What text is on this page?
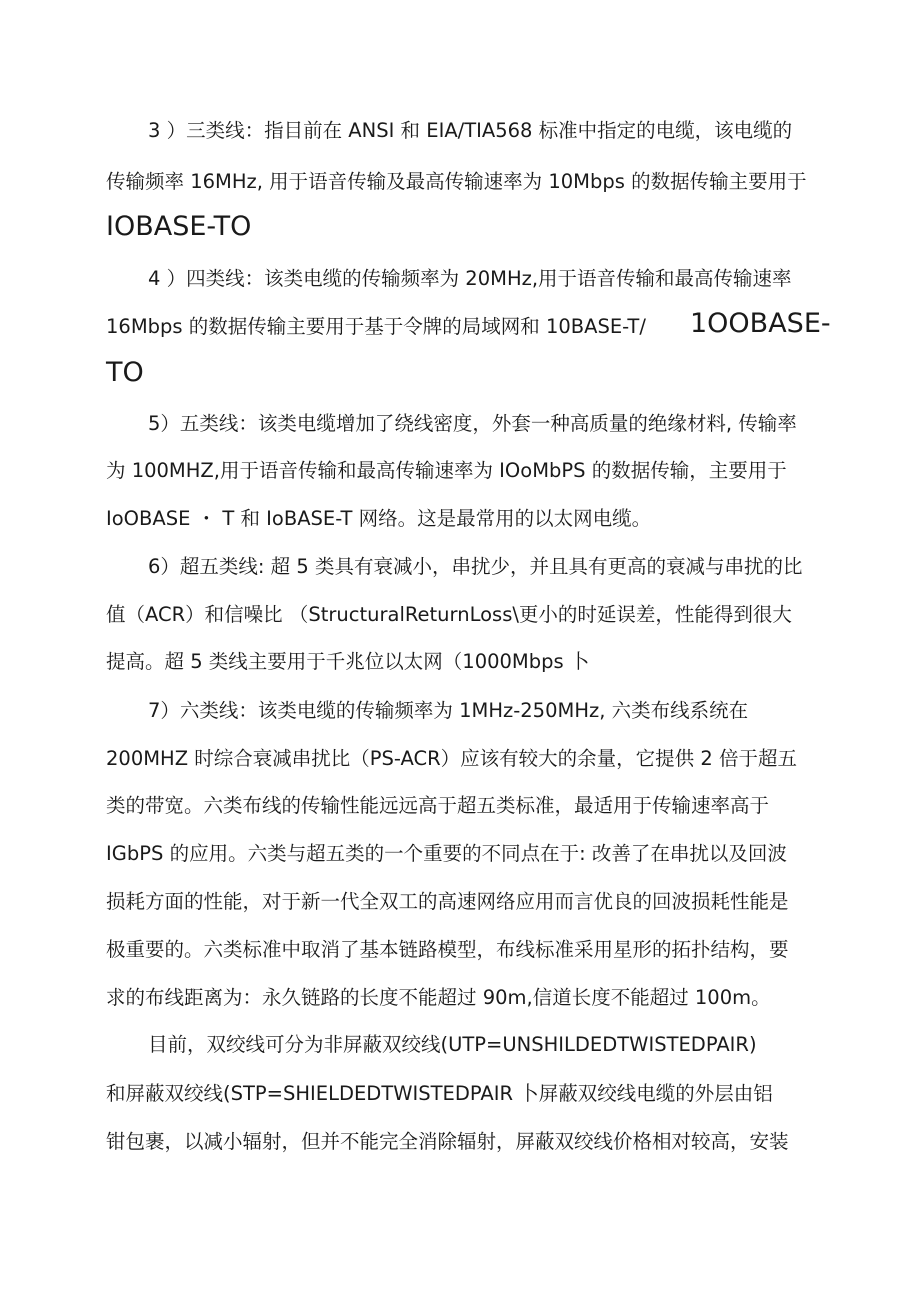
3 ）三类线：指目前在 ANSI 和 EIA/TIA568 标准中指定的电缆，该电缆的
传输频率 16MHz, 用于语音传输及最高传输速率为 10Mbps 的数据传输主要用于
IOBASE-TO
4 ）四类线：该类电缆的传输频率为 20MHz,用于语音传输和最高传输速率
16Mbps 的数据传输主要用于基于令牌的局域网和 10BASE-T/	1OOBASE-
TO
5）五类线：该类电缆增加了绕线密度，外套一种高质量的绝缘材料, 传输率
为 100MHZ,用于语音传输和最高传输速率为 IOoMbPS 的数据传输，主要用于
IoOBASE ・ T 和 IoBASE-T 网络。这是最常用的以太网电缆。
6）超五类线: 超 5 类具有衰减小，串扰少，并且具有更高的衰减与串扰的比
值（ACR）和信噪比 （StructuralReturnLoss\更小的时延误差，性能得到很大
提高。超 5 类线主要用于千兆位以太网（1000Mbps 卜
7）六类线：该类电缆的传输频率为 1MHz-250MHz, 六类布线系统在
200MHZ 时综合衰减串扰比（PS-ACR）应该有较大的余量，它提供 2 倍于超五
类的带宽。六类布线的传输性能远远高于超五类标准，最适用于传输速率高于
IGbPS 的应用。六类与超五类的一个重要的不同点在于: 改善了在串扰以及回波
损耗方面的性能，对于新一代全双工的高速网络应用而言优良的回波损耗性能是
极重要的。六类标准中取消了基本链路模型，布线标准采用星形的拓扑结构，要
求的布线距离为：永久链路的长度不能超过 90m,信道长度不能超过 100m。
目前，双绞线可分为非屏蔽双绞线(UTP=UNSHILDEDTWISTEDPAIR)
和屏蔽双绞线(STP=SHIELDEDTWISTEDPAIR 卜屏蔽双绞线电缆的外层由铝
钳包裹，以减小辐射，但并不能完全消除辐射，屏蔽双绞线价格相对较高，安装
